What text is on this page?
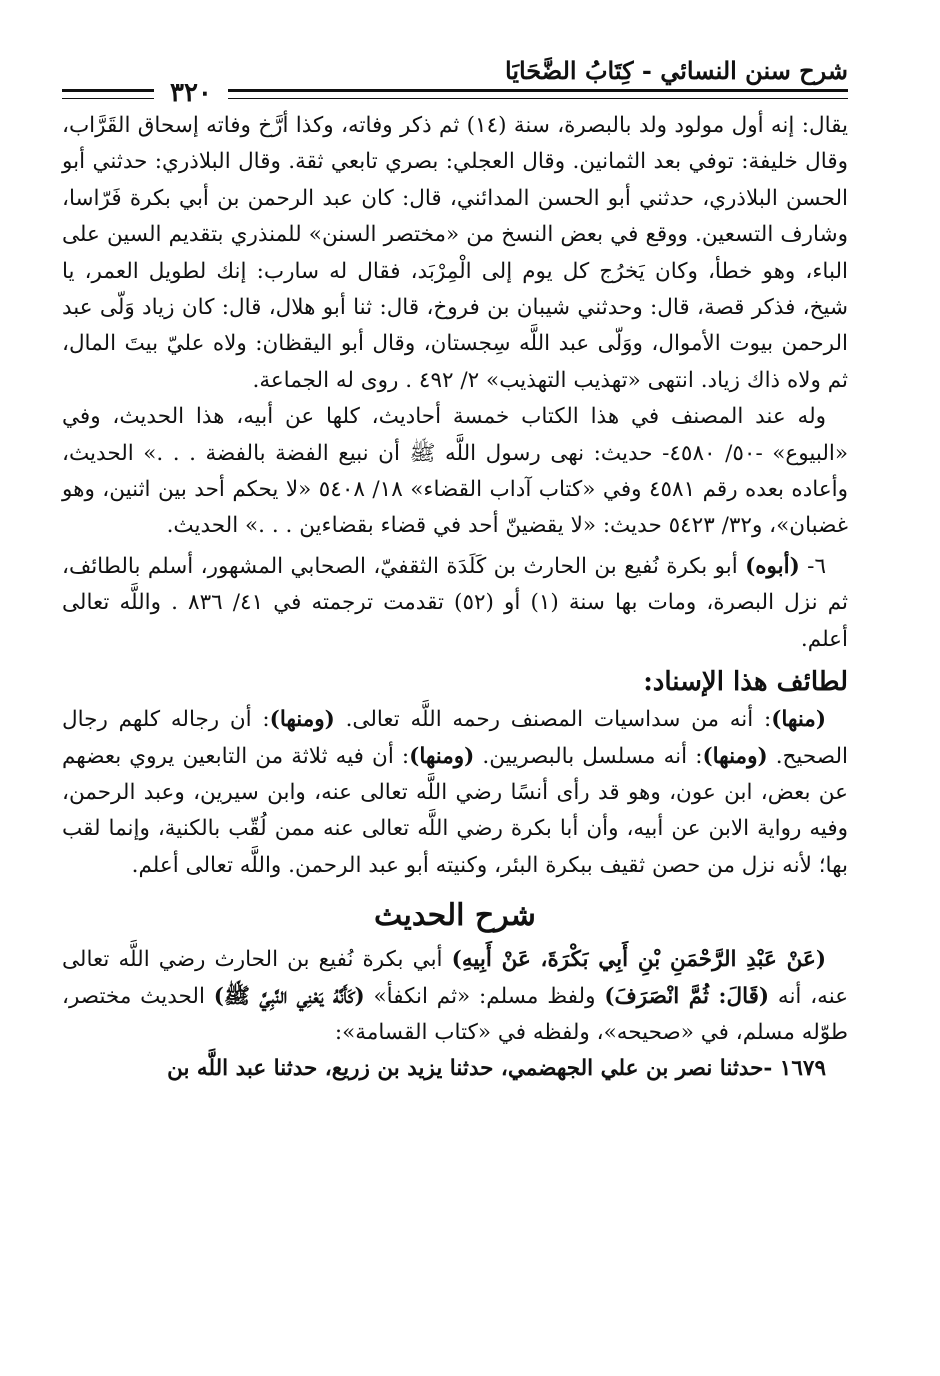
شرح سنن النسائي - كِتَابُ الضَّحَايَا
٣٢٠

يقال: إنه أول مولود ولد بالبصرة، سنة (١٤) ثم ذكر وفاته، وكذا أرَّخ وفاته إسحاق القَرَّاب، وقال خليفة: توفي بعد الثمانين. وقال العجلي: بصري تابعي ثقة. وقال البلاذري: حدثني أبو الحسن البلاذري، حدثني أبو الحسن المدائني، قال: كان عبد الرحمن بن أبي بكرة فَرّاسا، وشارف التسعين. ووقع في بعض النسخ من «مختصر السنن» للمنذري بتقديم السين على الباء، وهو خطأ، وكان يَخرُج كل يوم إلى الْمِرْبَد، فقال له سارب: إنك لطويل العمر، يا شيخ، فذكر قصة، قال: وحدثني شيبان بن فروخ، قال: ثنا أبو هلال، قال: كان زياد وَلّى عبد الرحمن بيوت الأموال، ووَلّى عبد اللَّه سِجستان، وقال أبو اليقظان: ولاه عليّ بيتَ المال، ثم ولاه ذاك زياد. انتهى «تهذيب التهذيب» ٢/ ٤٩٢ . روى له الجماعة.

وله عند المصنف في هذا الكتاب خمسة أحاديث، كلها عن أبيه، هذا الحديث، وفي «البيوع» -٥٠/ ٤٥٨٠- حديث: نهى رسول اللَّه ﷺ أن نبيع الفضة بالفضة . . .» الحديث، وأعاده بعده رقم ٤٥٨١ وفي «كتاب آداب القضاء» ١٨/ ٥٤٠٨ «لا يحكم أحد بين اثنين، وهو غضبان»، و٣٢/ ٥٤٢٣ حديث: «لا يقضينّ أحد في قضاء بقضاءين . . .» الحديث.

٦- (أبوه) أبو بكرة نُفيع بن الحارث بن كَلَدَة الثقفيّ، الصحابي المشهور، أسلم بالطائف، ثم نزل البصرة، ومات بها سنة (١) أو (٥٢) تقدمت ترجمته في ٤١/ ٨٣٦ . واللَّه تعالى أعلم.

لطائف هذا الإسناد:

(منها): أنه من سداسيات المصنف رحمه اللَّه تعالى. (ومنها): أن رجاله كلهم رجال الصحيح. (ومنها): أنه مسلسل بالبصريين. (ومنها): أن فيه ثلاثة من التابعين يروي بعضهم عن بعض، ابن عون، وهو قد رأى أنسًا رضي اللَّه تعالى عنه، وابن سيرين، وعبد الرحمن، وفيه رواية الابن عن أبيه، وأن أبا بكرة رضي اللَّه تعالى عنه ممن لُقّب بالكنية، وإنما لقب بها؛ لأنه نزل من حصن ثقيف ببكرة البئر، وكنيته أبو عبد الرحمن. واللَّه تعالى أعلم.

شرح الحديث

(عَنْ عَبْدِ الرَّحْمَنِ بْنِ أَبِي بَكْرَةَ، عَنْ أَبِيهِ) أبي بكرة نُفيع بن الحارث رضي اللَّه تعالى عنه، أنه (قَالَ: ثُمَّ انْصَرَفَ) ولفظ مسلم: «ثم انكفأ» (كَأَنَّهُ يَعْنِي النَّبِيَّ ﷺ) الحديث مختصر، طوّله مسلم، في «صحيحه»، ولفظه في «كتاب القسامة»:

١٦٧٩ -حدثنا نصر بن علي الجهضمي، حدثنا يزيد بن زريع، حدثنا عبد اللَّه بن
